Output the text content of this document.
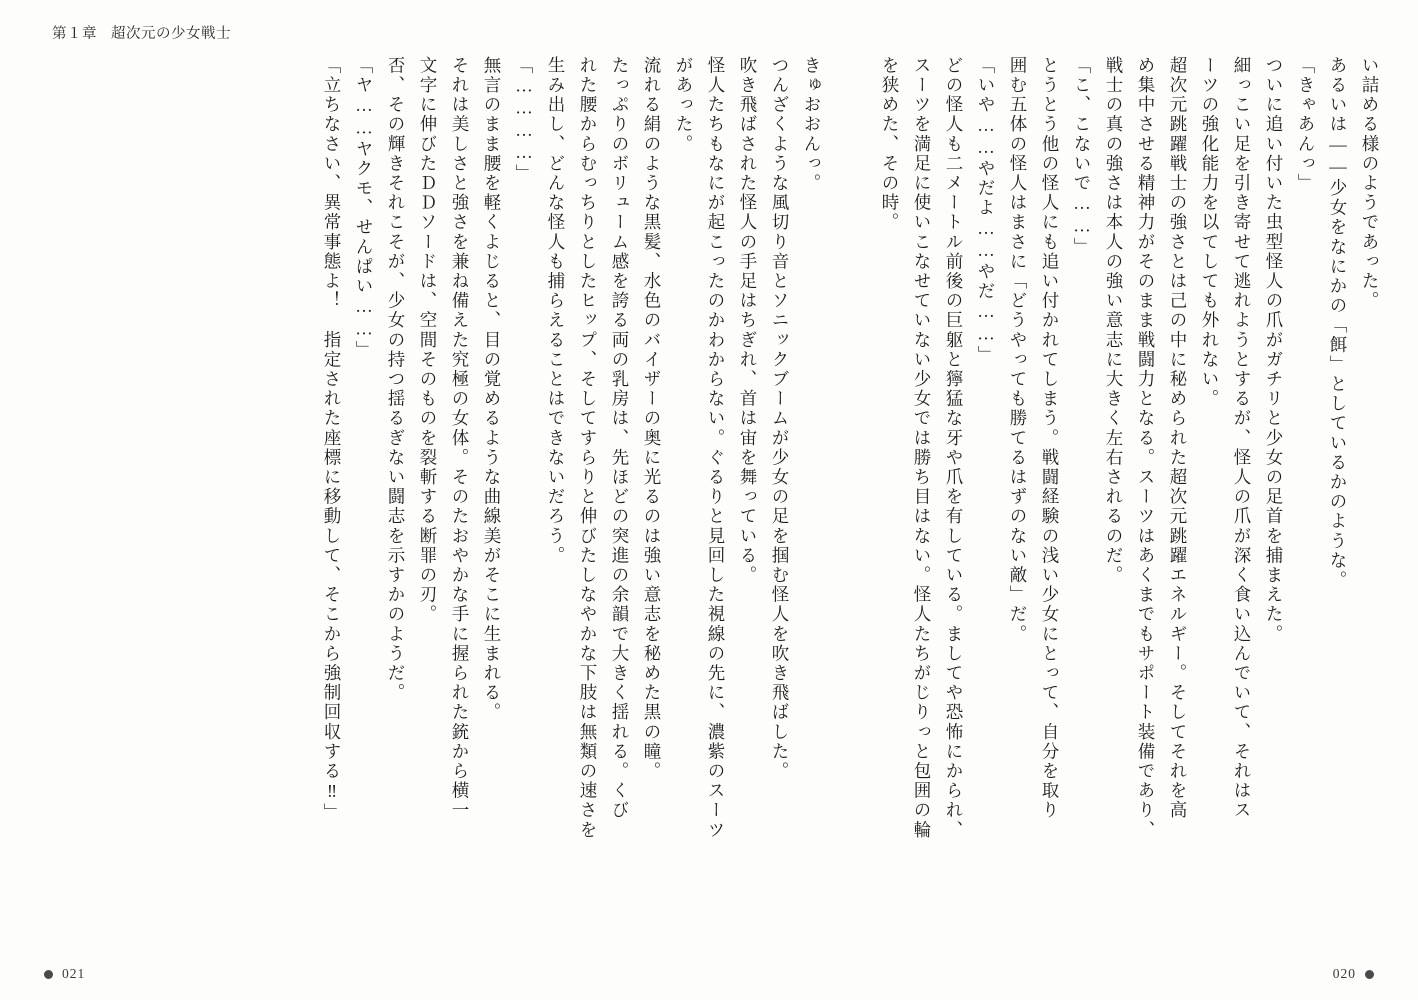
第１章 超次元の少女戦士
い詰める様のようであった。
あるいは――少女をなにかの「餌」としているかのような。
「きゃあんっ」
ついに追い付いた虫型怪人の爪がガチリと少女の足首を捕まえた。
細っこい足を引き寄せて逃れようとするが、怪人の爪が深く食い込んでいて、それはス
ーツの強化能力を以てしても外れない。
超次元跳躍戦士の強さとは己の中に秘められた超次元跳躍エネルギー。そしてそれを高
め集中させる精神力がそのまま戦闘力となる。スーツはあくまでもサポート装備であり、
戦士の真の強さは本人の強い意志に大きく左右されるのだ。
「こ、こないで……」
とうとう他の怪人にも追い付かれてしまう。戦闘経験の浅い少女にとって、自分を取り
囲む五体の怪人はまさに「どうやっても勝てるはずのない敵」だ。
「いや……やだよ……やだ……」
どの怪人も二メートル前後の巨躯と獰猛な牙や爪を有している。ましてや恐怖にかられ、
スーツを満足に使いこなせていない少女では勝ち目はない。怪人たちがじりっと包囲の輪
を狭めた、その時。
きゅおおんっ。
つんざくような風切り音とソニックブームが少女の足を掴む怪人を吹き飛ばした。
吹き飛ばされた怪人の手足はちぎれ、首は宙を舞っている。
怪人たちもなにが起こったのかわからない。ぐるりと見回した視線の先に、濃紫のスーツ
があった。
流れる絹のような黒髪、水色のバイザーの奥に光るのは強い意志を秘めた黒の瞳。
たっぷりのボリューム感を誇る両の乳房は、先ほどの突進の余韻で大きく揺れる。くび
れた腰からむっちりとしたヒップ、そしてすらりと伸びたしなやかな下肢は無類の速さを
生み出し、どんな怪人も捕らえることはできないだろう。
「…………」
無言のまま腰を軽くよじると、目の覚めるような曲線美がそこに生まれる。
それは美しさと強さを兼ね備えた究極の女体。そのたおやかな手に握られた銃から横一
文字に伸びたＤＤソードは、空間そのものを裂斬する断罪の刃。
否、その輝きそれこそが、少女の持つ揺るぎない闘志を示すかのようだ。
「ヤ……ヤクモ、せんぱい……」
「立ちなさい、異常事態よ！　指定された座標に移動して、そこから強制回収する‼」
021	020
